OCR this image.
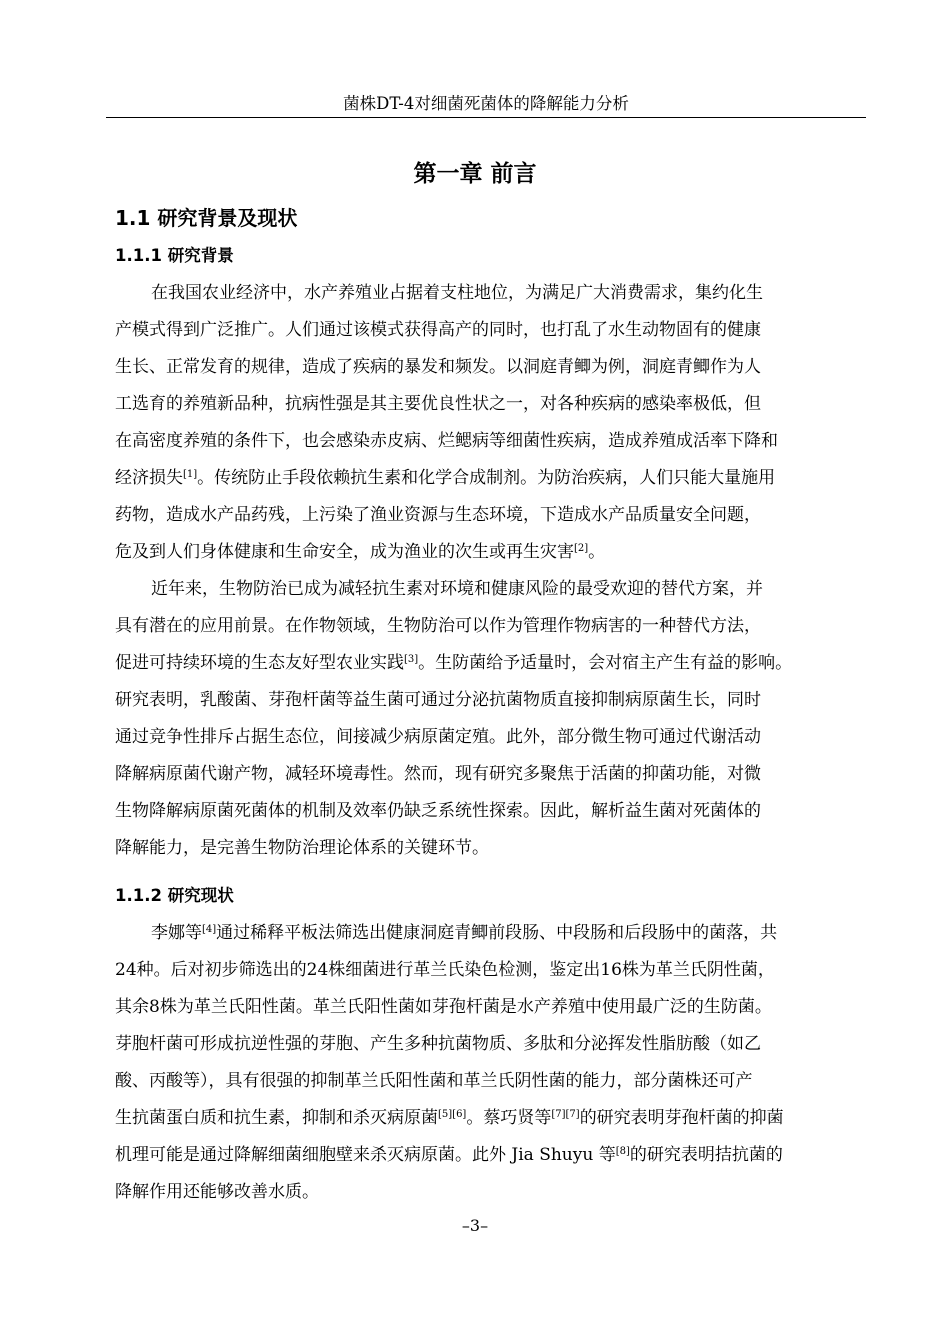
菌株DT-4对细菌死菌体的降解能力分析
第一章 前言
1.1 研究背景及现状
1.1.1 研究背景
在我国农业经济中，水产养殖业占据着支柱地位，为满足广大消费需求，集约化生
产模式得到广泛推广。人们通过该模式获得高产的同时，也打乱了水生动物固有的健康
生长、正常发育的规律，造成了疾病的暴发和频发。以洞庭青鲫为例，洞庭青鲫作为人
工选育的养殖新品种，抗病性强是其主要优良性状之一，对各种疾病的感染率极低，但
在高密度养殖的条件下，也会感染赤皮病、烂鳃病等细菌性疾病，造成养殖成活率下降和
经济损失[1]。传统防止手段依赖抗生素和化学合成制剂。为防治疾病，人们只能大量施用
药物，造成水产品药残，上污染了渔业资源与生态环境，下造成水产品质量安全问题，
危及到人们身体健康和生命安全，成为渔业的次生或再生灾害[2]。
近年来，生物防治已成为减轻抗生素对环境和健康风险的最受欢迎的替代方案，并
具有潜在的应用前景。在作物领域，生物防治可以作为管理作物病害的一种替代方法，
促进可持续环境的生态友好型农业实践[3]。生防菌给予适量时，会对宿主产生有益的影响。
研究表明，乳酸菌、芽孢杆菌等益生菌可通过分泌抗菌物质直接抑制病原菌生长，同时
通过竞争性排斥占据生态位，间接减少病原菌定殖。此外，部分微生物可通过代谢活动
降解病原菌代谢产物，减轻环境毒性。然而，现有研究多聚焦于活菌的抑菌功能，对微
生物降解病原菌死菌体的机制及效率仍缺乏系统性探索。因此，解析益生菌对死菌体的
降解能力，是完善生物防治理论体系的关键环节。
1.1.2 研究现状
李娜等[4]通过稀释平板法筛选出健康洞庭青鲫前段肠、中段肠和后段肠中的菌落，共
24种。后对初步筛选出的24株细菌进行革兰氏染色检测，鉴定出16株为革兰氏阴性菌，
其余8株为革兰氏阳性菌。革兰氏阳性菌如芽孢杆菌是水产养殖中使用最广泛的生防菌。
芽胞杆菌可形成抗逆性强的芽胞、产生多种抗菌物质、多肽和分泌挥发性脂肪酸（如乙
酸、丙酸等），具有很强的抑制革兰氏阳性菌和革兰氏阴性菌的能力，部分菌株还可产
生抗菌蛋白质和抗生素，抑制和杀灭病原菌[5][6]。蔡巧贤等[7][7]的研究表明芽孢杆菌的抑菌
机理可能是通过降解细菌细胞壁来杀灭病原菌。此外 Jia Shuyu 等[8]的研究表明拮抗菌的
降解作用还能够改善水质。
–3–
